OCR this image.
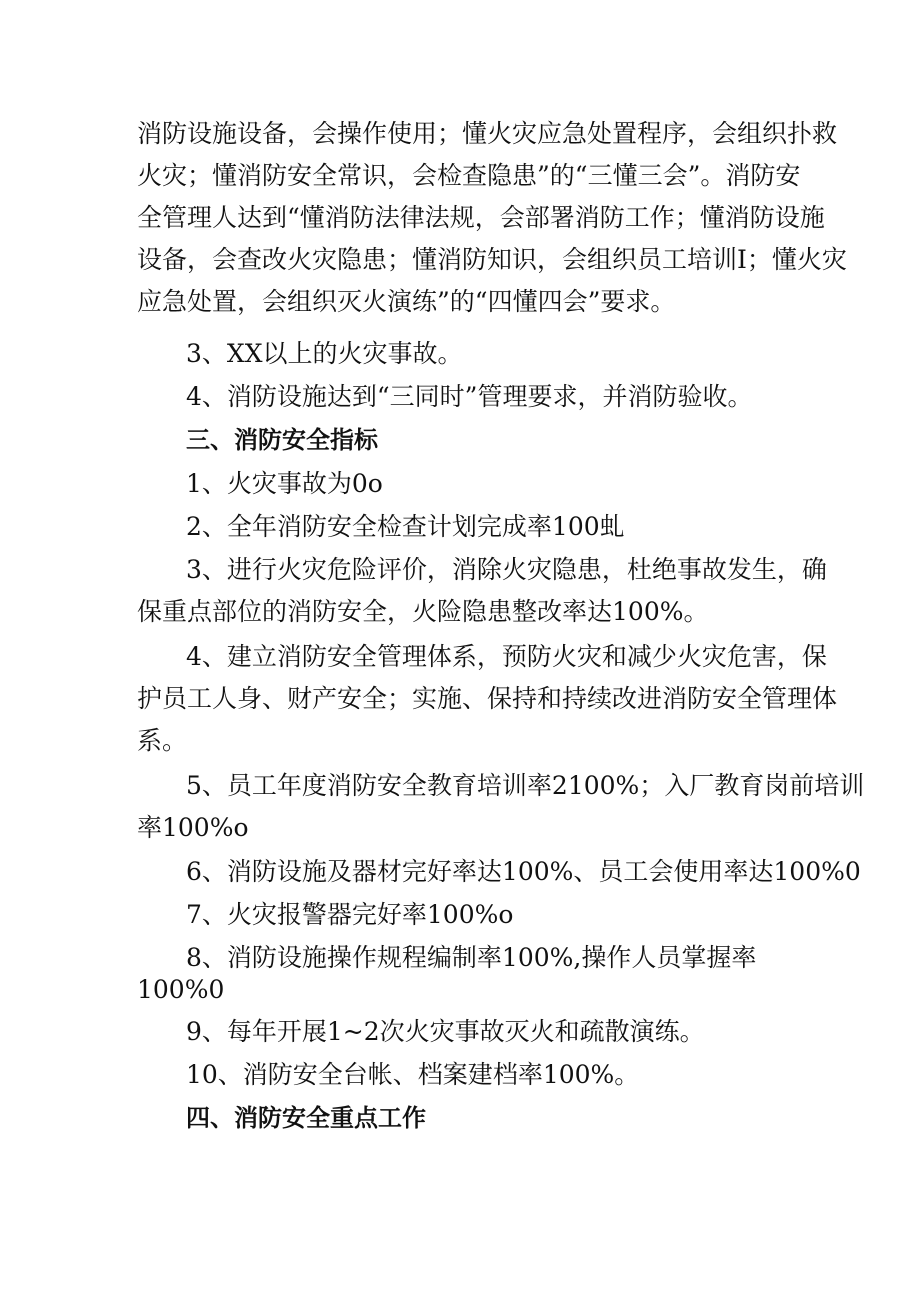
消防设施设备，会操作使用；懂火灾应急处置程序，会组织扑救
火灾；懂消防安全常识，会检查隐患”的“三懂三会”。消防安
全管理人达到“懂消防法律法规，会部署消防工作；懂消防设施
设备，会查改火灾隐患；懂消防知识，会组织员工培训I；懂火灾
应急处置，会组织灭火演练”的“四懂四会”要求。
3、XX以上的火灾事故。
4、消防设施达到“三同时”管理要求，并消防验收。
三、消防安全指标
1、火灾事故为0o
2、全年消防安全检查计划完成率100虬
3、进行火灾危险评价，消除火灾隐患，杜绝事故发生，确
保重点部位的消防安全，火险隐患整改率达100%。
4、建立消防安全管理体系，预防火灾和减少火灾危害，保
护员工人身、财产安全；实施、保持和持续改进消防安全管理体
系。
5、员工年度消防安全教育培训率2100%；入厂教育岗前培训
率100%o
6、消防设施及器材完好率达100%、员工会使用率达100%0
7、火灾报警器完好率100%o
8、消防设施操作规程编制率100%,操作人员掌握率
100%0
9、每年开展1~2次火灾事故灭火和疏散演练。
10、消防安全台帐、档案建档率100%。
四、消防安全重点工作
